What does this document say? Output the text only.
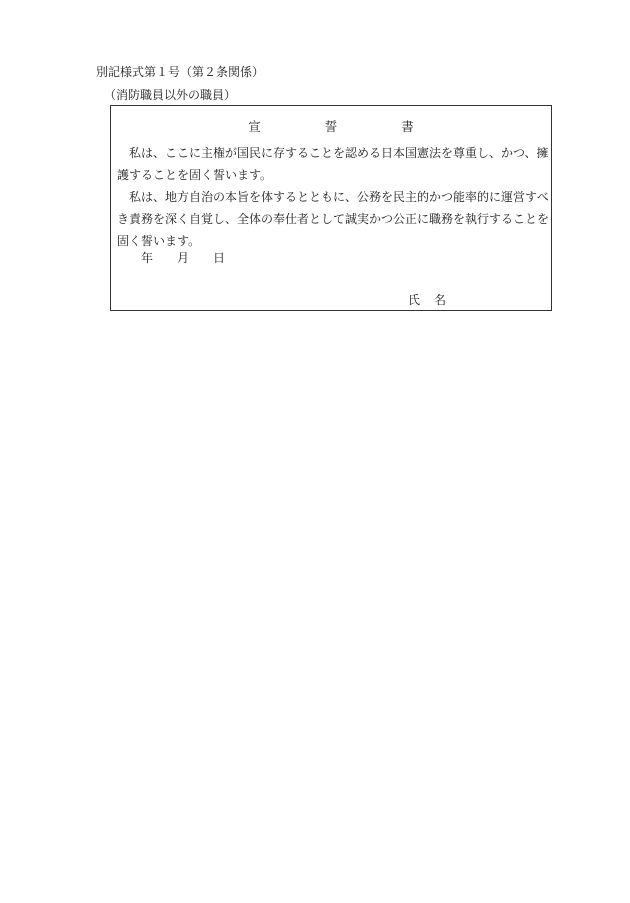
別記様式第１号（第２条関係）
（消防職員以外の職員）
宣	誓	書

私は、ここに主権が国民に存することを認める日本国憲法を尊重し、かつ、擁護することを固く誓います。

私は、地方自治の本旨を体するとともに、公務を民主的かつ能率的に運営すべき責務を深く自覚し、全体の奉仕者として誠実かつ公正に職務を執行することを固く誓います。

年 月 日
氏 名
